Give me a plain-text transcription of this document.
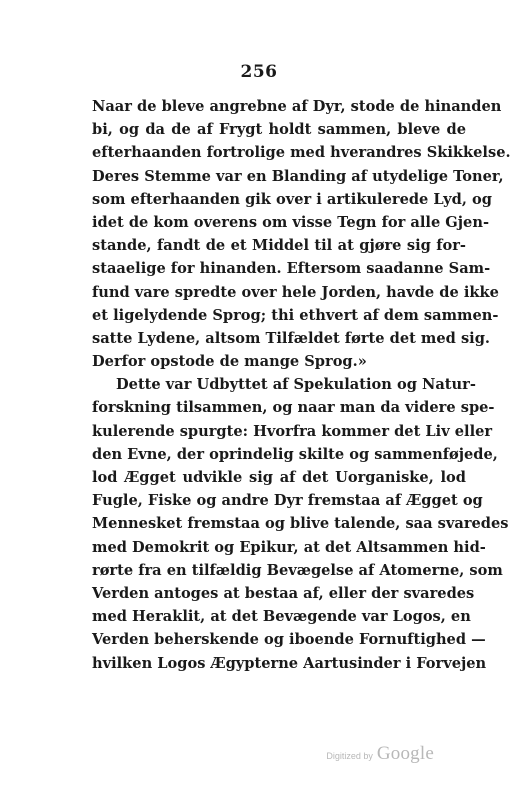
256
Naar de bleve angrebne af Dyr, stode de hinanden
bi, og da de af Frygt holdt sammen, bleve de
efterhaanden fortrolige med hverandres Skikkelse.
Deres Stemme var en Blanding af utydelige Toner,
som efterhaanden gik over i artikulerede Lyd, og
idet de kom overens om visse Tegn for alle Gjen-
stande, fandt de et Middel til at gjøre sig for-
staaelige for hinanden. Eftersom saadanne Sam-
fund vare spredte over hele Jorden, havde de ikke
et ligelydende Sprog; thi ethvert af dem sammen-
satte Lydene, altsom Tilfældet førte det med sig.
Derfor opstode de mange Sprog.»
Dette var Udbyttet af Spekulation og Natur-
forskning tilsammen, og naar man da videre spe-
kulerende spurgte: Hvorfra kommer det Liv eller
den Evne, der oprindelig skilte og sammenføjede,
lod Ægget udvikle sig af det Uorganiske, lod
Fugle, Fiske og andre Dyr fremstaa af Ægget og
Mennesket fremstaa og blive talende, saa svaredes
med Demokrit og Epikur, at det Altsammen hid-
rørte fra en tilfældig Bevægelse af Atomerne, som
Verden antoges at bestaa af, eller der svaredes
med Heraklit, at det Bevægende var Logos, en
Verden beherskende og iboende Fornuftighed —
hvilken Logos Ægypterne Aartusinder i Forvejen
Digitized by Google
